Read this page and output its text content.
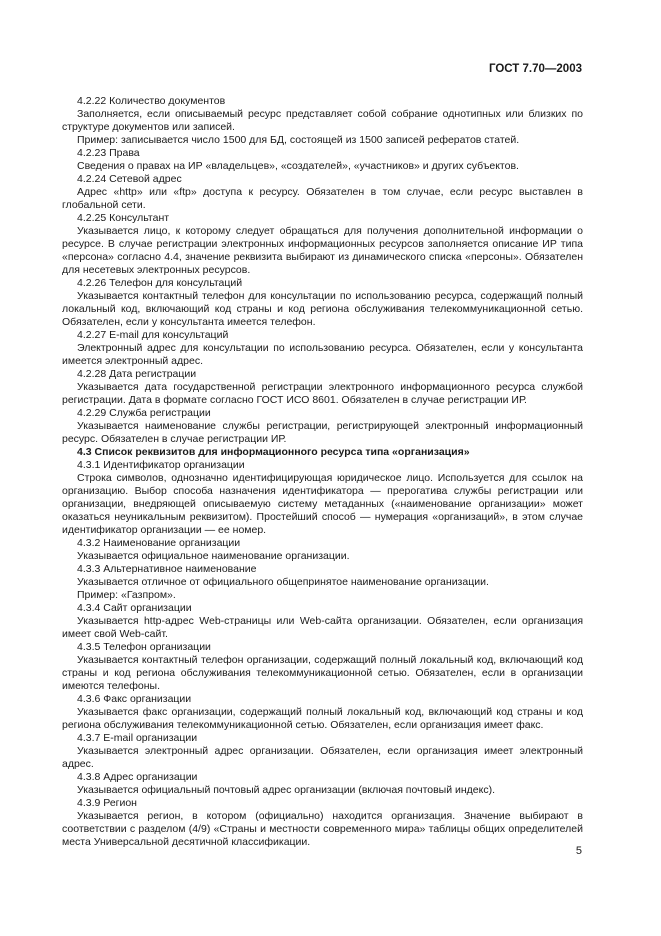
ГОСТ 7.70—2003

4.2.22 Количество документов

Заполняется, если описываемый ресурс представляет собой собрание однотипных или близких по структуре документов или записей.

Пример: записывается число 1500 для БД, состоящей из 1500 записей рефератов статей.

4.2.23 Права

Сведения о правах на ИР «владельцев», «создателей», «участников» и других субъектов.

4.2.24 Сетевой адрес

Адрес «http» или «ftp» доступа к ресурсу. Обязателен в том случае, если ресурс выставлен в глобальной сети.

4.2.25 Консультант

Указывается лицо, к которому следует обращаться для получения дополнительной информации о ресурсе. В случае регистрации электронных информационных ресурсов заполняется описание ИР типа «персона» согласно 4.4, значение реквизита выбирают из динамического списка «персоны». Обязателен для несетевых электронных ресурсов.

4.2.26 Телефон для консультаций

Указывается контактный телефон для консультации по использованию ресурса, содержащий полный локальный код, включающий код страны и код региона обслуживания телекоммуникационной сетью. Обязателен, если у консультанта имеется телефон.

4.2.27 E-mail для консультаций

Электронный адрес для консультации по использованию ресурса. Обязателен, если у консультанта имеется электронный адрес.

4.2.28 Дата регистрации

Указывается дата государственной регистрации электронного информационного ресурса службой регистрации. Дата в формате согласно ГОСТ ИСО 8601. Обязателен в случае регистрации ИР.

4.2.29 Служба регистрации

Указывается наименование службы регистрации, регистрирующей электронный информационный ресурс. Обязателен в случае регистрации ИР.

4.3 Список реквизитов для информационного ресурса типа «организация»

4.3.1 Идентификатор организации

Строка символов, однозначно идентифицирующая юридическое лицо. Используется для ссылок на организацию. Выбор способа назначения идентификатора — прерогатива службы регистрации или организации, внедряющей описываемую систему метаданных («наименование организации» может оказаться неуникальным реквизитом). Простейший способ — нумерация «организаций», в этом случае идентификатор организации — ее номер.

4.3.2 Наименование организации

Указывается официальное наименование организации.

4.3.3 Альтернативное наименование

Указывается отличное от официального общепринятое наименование организации.

Пример: «Газпром».

4.3.4 Сайт организации

Указывается http-адрес Web-страницы или Web-сайта организации. Обязателен, если организация имеет свой Web-сайт.

4.3.5 Телефон организации

Указывается контактный телефон организации, содержащий полный локальный код, включающий код страны и код региона обслуживания телекоммуникационной сетью. Обязателен, если в организации имеются телефоны.

4.3.6 Факс организации

Указывается факс организации, содержащий полный локальный код, включающий код страны и код региона обслуживания телекоммуникационной сетью. Обязателен, если организация имеет факс.

4.3.7 E-mail организации

Указывается электронный адрес организации. Обязателен, если организация имеет электронный адрес.

4.3.8 Адрес организации

Указывается официальный почтовый адрес организации (включая почтовый индекс).

4.3.9 Регион

Указывается регион, в котором (официально) находится организация. Значение выбирают в соответствии с разделом (4/9) «Страны и местности современного мира» таблицы общих определителей места Универсальной десятичной классификации.

5
